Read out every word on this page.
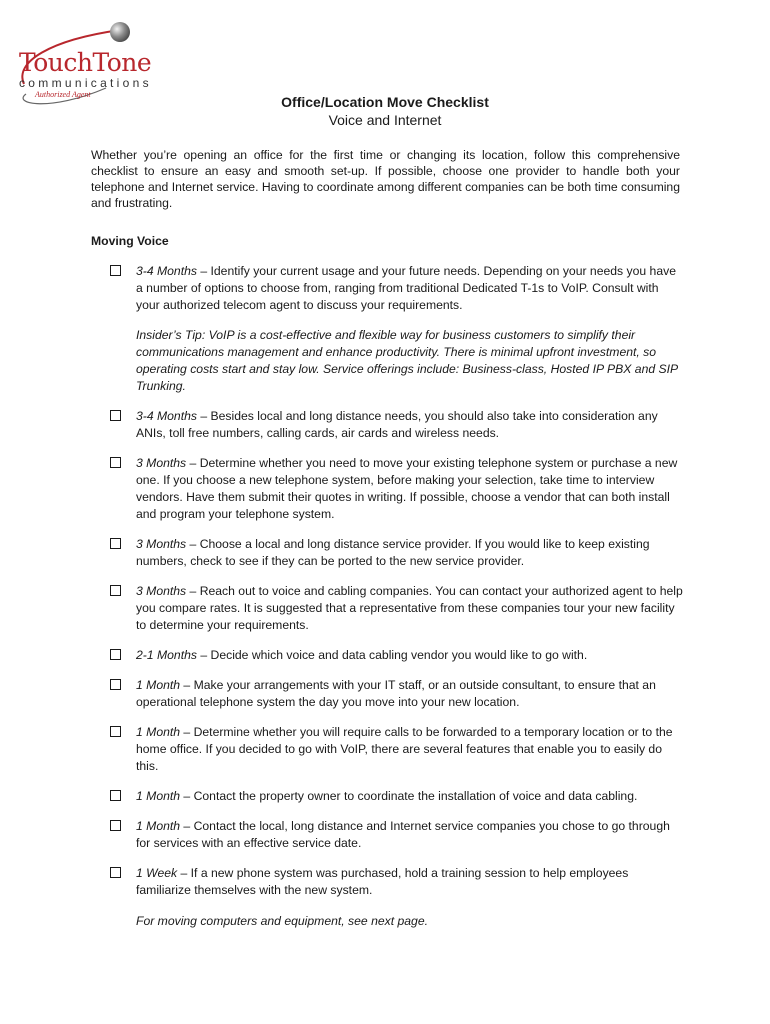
TouchTone
communications
Authorized Agent	Office/Location Move Checklist
Voice and Internet

Whether you’re opening an office for the first time or changing its location, follow this comprehensive checklist to ensure an easy and smooth set-up. If possible, choose one provider to handle both your telephone and Internet service. Having to coordinate among different companies can be both time consuming and frustrating.

Moving Voice
3-4 Months – Identify your current usage and your future needs. Depending on your needs you have a number of options to choose from, ranging from traditional Dedicated T-1s to VoIP. Consult with your authorized telecom agent to discuss your requirements.

Insider’s Tip: VoIP is a cost-effective and flexible way for business customers to simplify their communications management and enhance productivity. There is minimal upfront investment, so operating costs start and stay low. Service offerings include: Business-class, Hosted IP PBX and SIP Trunking.

3-4 Months – Besides local and long distance needs, you should also take into consideration any ANIs, toll free numbers, calling cards, air cards and wireless needs.
3 Months – Determine whether you need to move your existing telephone system or purchase a new one. If you choose a new telephone system, before making your selection, take time to interview vendors. Have them submit their quotes in writing. If possible, choose a vendor that can both install and program your telephone system.
3 Months – Choose a local and long distance service provider. If you would like to keep existing numbers, check to see if they can be ported to the new service provider.
3 Months – Reach out to voice and cabling companies. You can contact your authorized agent to help you compare rates. It is suggested that a representative from these companies tour your new facility to determine your requirements.
2-1 Months – Decide which voice and data cabling vendor you would like to go with.
1 Month – Make your arrangements with your IT staff, or an outside consultant, to ensure that an operational telephone system the day you move into your new location.
1 Month – Determine whether you will require calls to be forwarded to a temporary location or to the home office. If you decided to go with VoIP, there are several features that enable you to easily do this.
1 Month – Contact the property owner to coordinate the installation of voice and data cabling.
1 Month – Contact the local, long distance and Internet service companies you chose to go through for services with an effective service date.
1 Week – If a new phone system was purchased, hold a training session to help employees familiarize themselves with the new system.
For moving computers and equipment, see next page.
